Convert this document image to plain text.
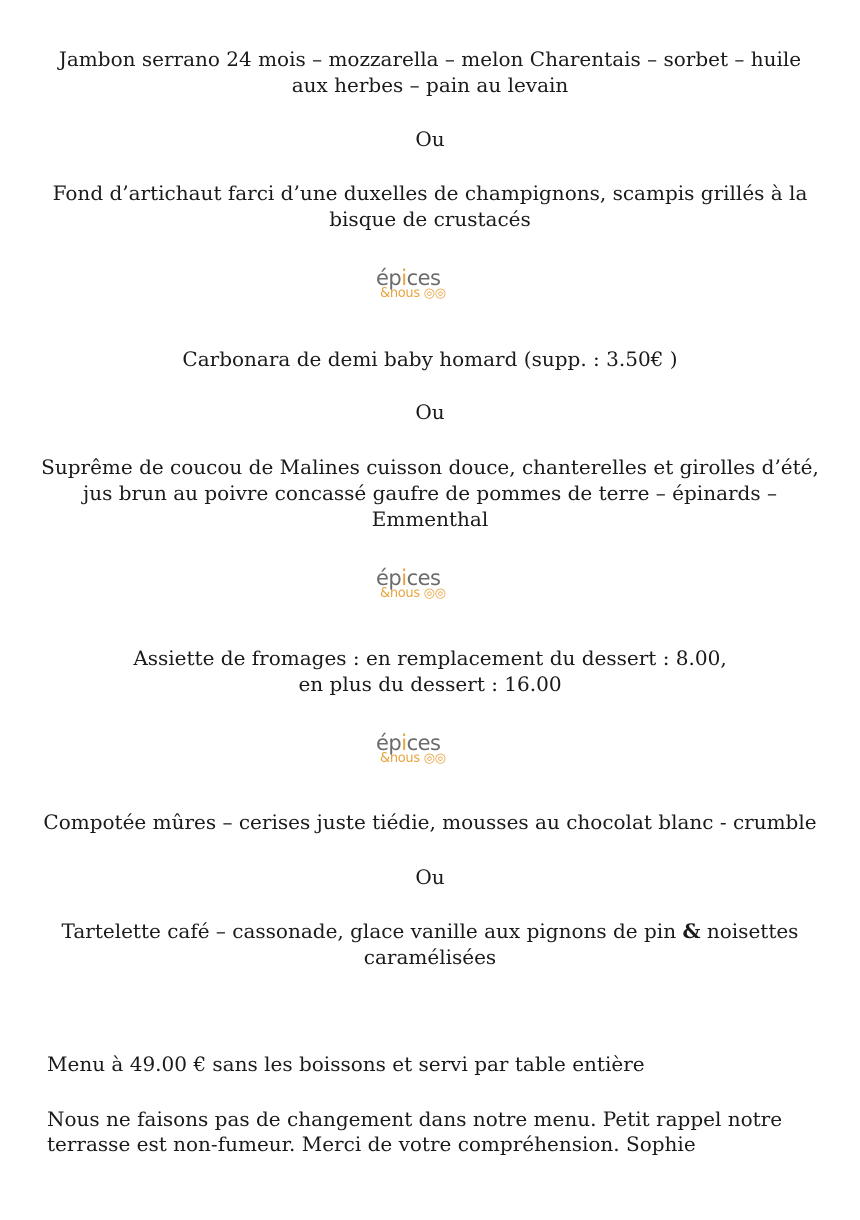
Jambon serrano 24 mois – mozzarella – melon Charentais – sorbet – huile aux herbes – pain au levain

Ou

Fond d’artichaut farci d’une duxelles de champignons, scampis grillés à la bisque de crustacés

épices
&nous ◎◎

Carbonara de demi baby homard (supp. : 3.50€ )

Ou

Suprême de coucou de Malines cuisson douce, chanterelles et girolles d’été, jus brun au poivre concassé gaufre de pommes de terre – épinards – Emmenthal

épices
&nous ◎◎

Assiette de fromages : en remplacement du dessert : 8.00,

en plus du dessert : 16.00

épices
&nous ◎◎

Compotée mûres – cerises juste tiédie, mousses au chocolat blanc - crumble

Ou

Tartelette café – cassonade, glace vanille aux pignons de pin & noisettes caramélisées

Menu à 49.00 € sans les boissons et servi par table entière

Nous ne faisons pas de changement dans notre menu. Petit rappel notre terrasse est non-fumeur. Merci de votre compréhension. Sophie
